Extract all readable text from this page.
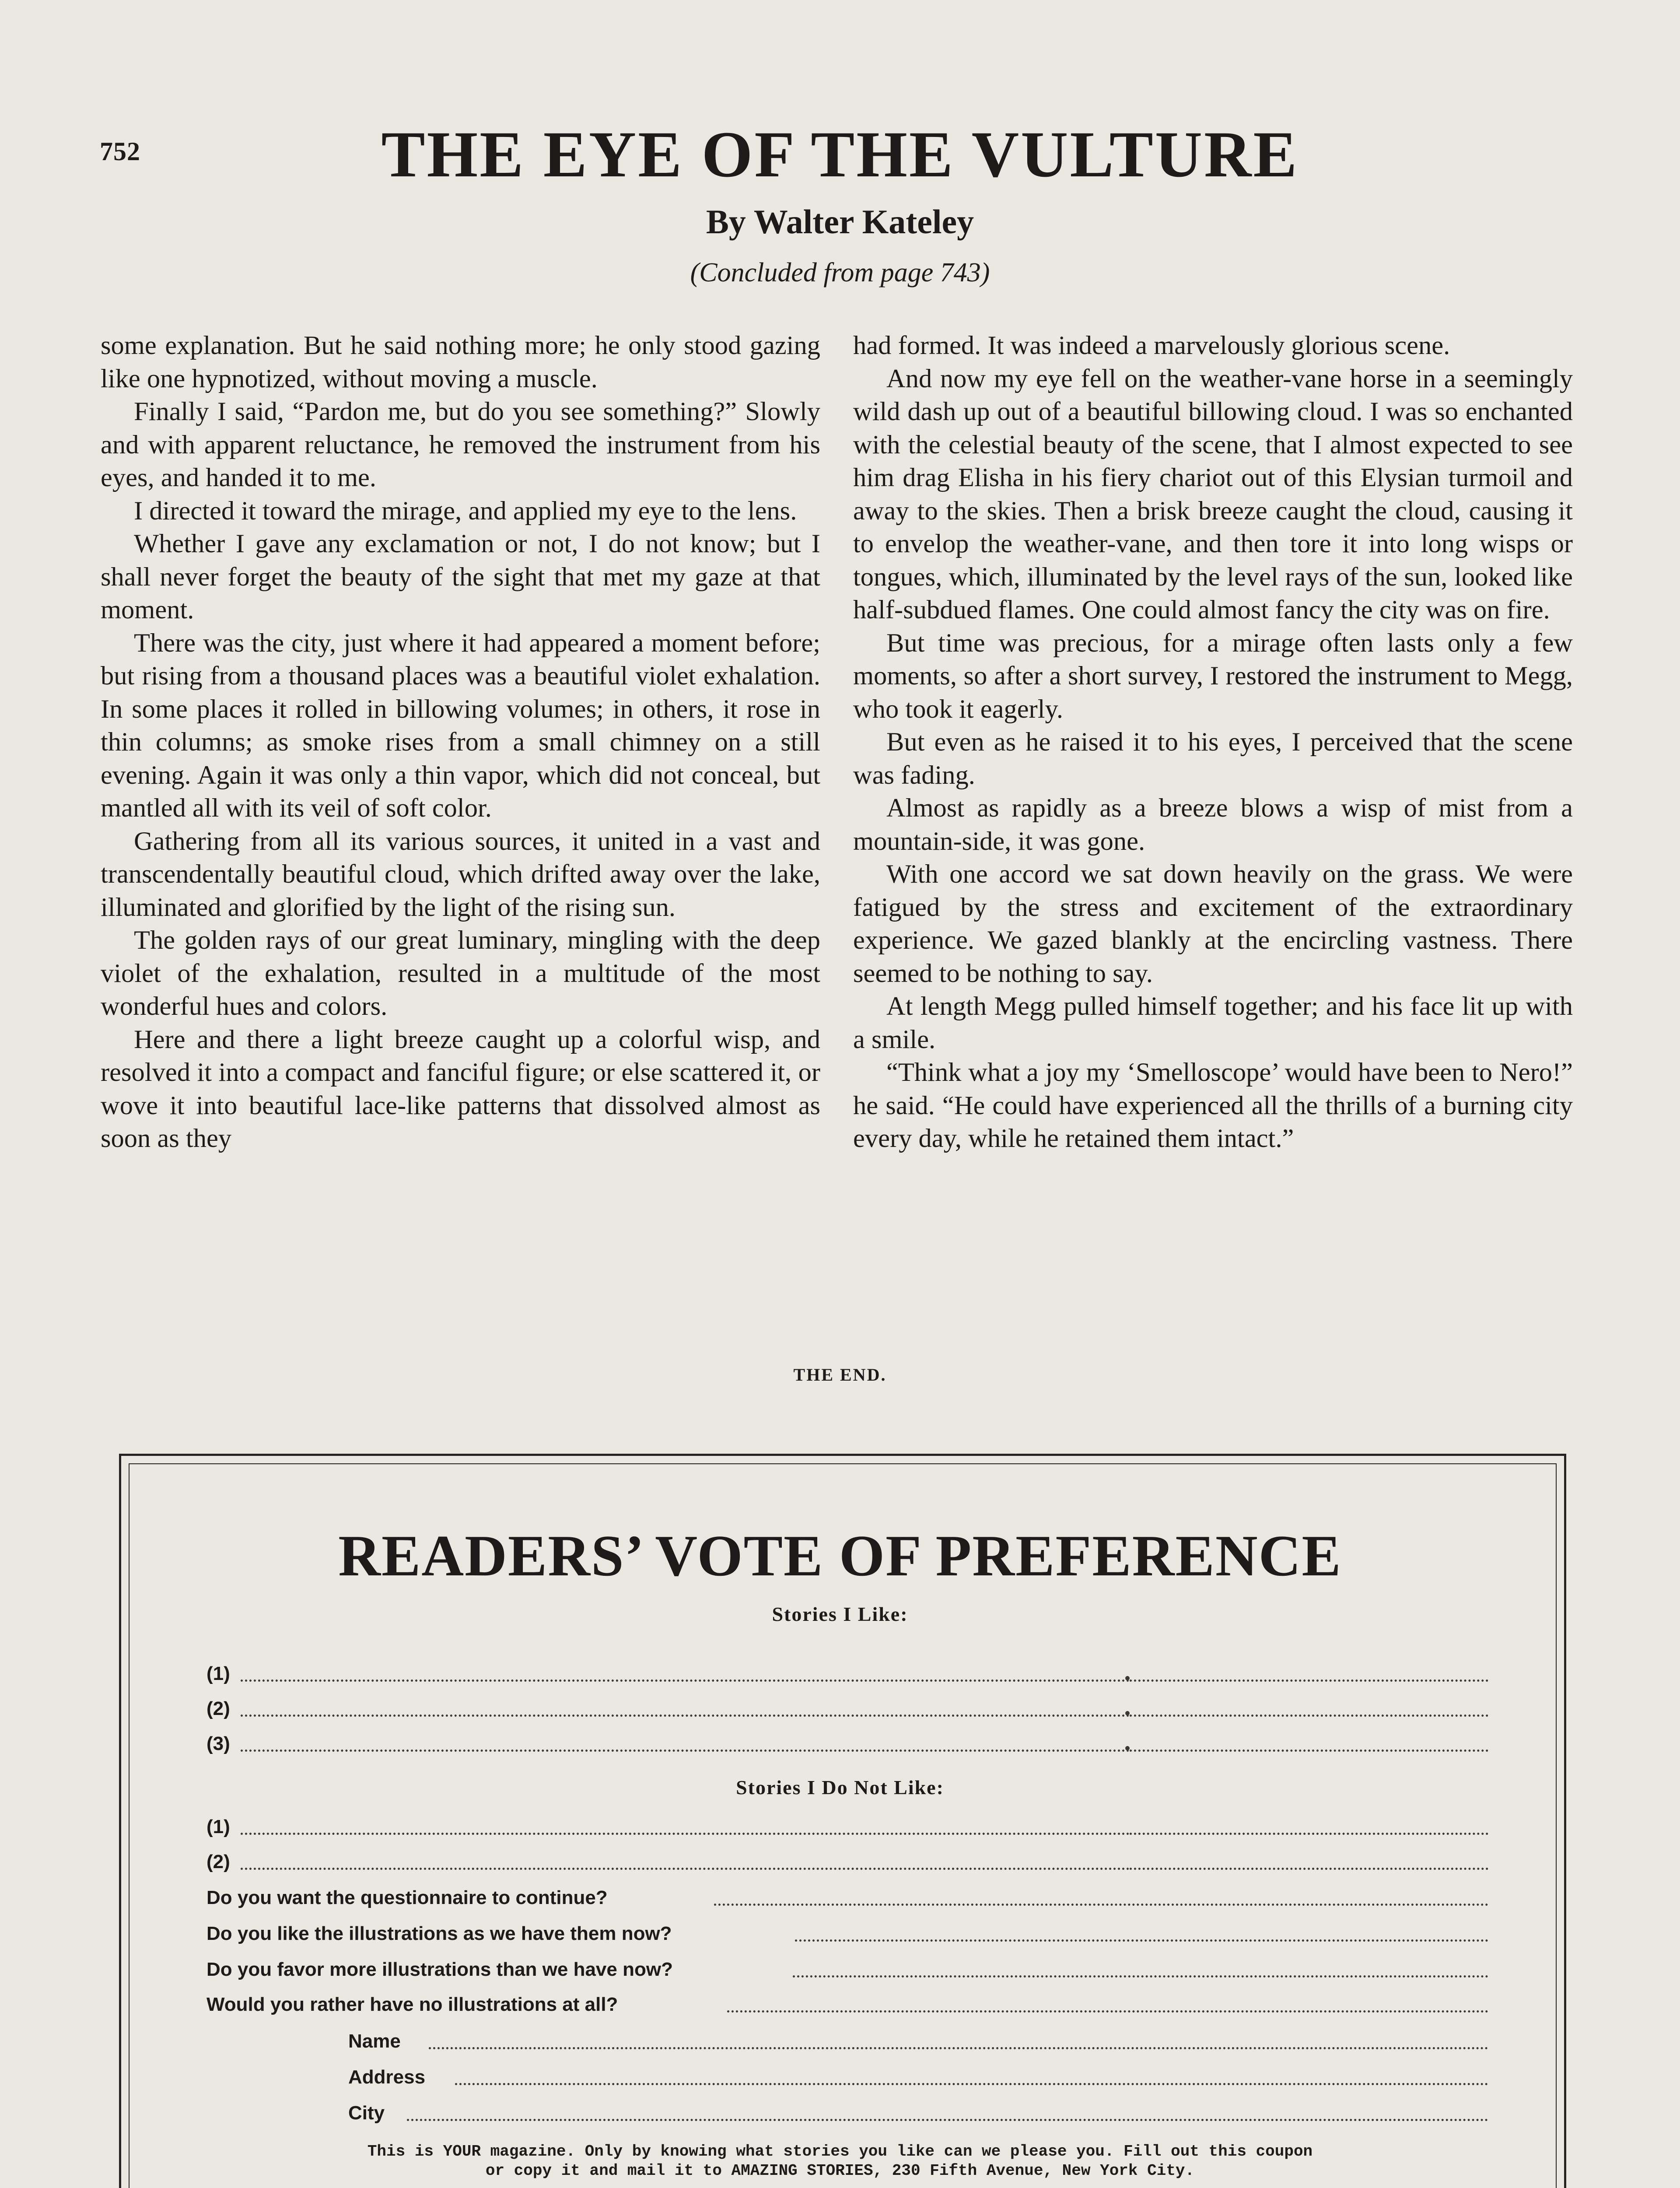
752	THE EYE OF THE VULTURE
By Walter Kateley
(Concluded from page 743)

some explanation. But he said nothing more; he only stood gazing like one hypnotized, without moving a muscle.

Finally I said, “Pardon me, but do you see something?” Slowly and with apparent reluctance, he removed the instrument from his eyes, and handed it to me.

I directed it toward the mirage, and applied my eye to the lens.

Whether I gave any exclamation or not, I do not know; but I shall never forget the beauty of the sight that met my gaze at that moment.

There was the city, just where it had appeared a moment before; but rising from a thousand places was a beautiful violet exhalation. In some places it rolled in billowing volumes; in others, it rose in thin columns; as smoke rises from a small chimney on a still evening. Again it was only a thin vapor, which did not conceal, but mantled all with its veil of soft color.

Gathering from all its various sources, it united in a vast and transcendentally beautiful cloud, which drifted away over the lake, illuminated and glorified by the light of the rising sun.

The golden rays of our great luminary, mingling with the deep violet of the exhalation, resulted in a multitude of the most wonderful hues and colors.

Here and there a light breeze caught up a colorful wisp, and resolved it into a compact and fanciful figure; or else scattered it, or wove it into beautiful lace-like patterns that dissolved almost as soon as they

had formed. It was indeed a marvelously glorious scene.

And now my eye fell on the weather-vane horse in a seemingly wild dash up out of a beautiful billowing cloud. I was so enchanted with the celestial beauty of the scene, that I almost expected to see him drag Elisha in his fiery chariot out of this Elysian turmoil and away to the skies. Then a brisk breeze caught the cloud, causing it to envelop the weather-vane, and then tore it into long wisps or tongues, which, illuminated by the level rays of the sun, looked like half-subdued flames. One could almost fancy the city was on fire.

But time was precious, for a mirage often lasts only a few moments, so after a short survey, I restored the instrument to Megg, who took it eagerly.

But even as he raised it to his eyes, I perceived that the scene was fading.

Almost as rapidly as a breeze blows a wisp of mist from a mountain-side, it was gone.

With one accord we sat down heavily on the grass. We were fatigued by the stress and excitement of the extraordinary experience. We gazed blankly at the encircling vastness. There seemed to be nothing to say.

At length Megg pulled himself together; and his face lit up with a smile.

“Think what a joy my ‘Smelloscope’ would have been to Nero!” he said. “He could have experienced all the thrills of a burning city every day, while he retained them intact.”

THE END.
READERS’ VOTE OF PREFERENCE
Stories I Like:
(1)
(2)
(3)
Stories I Do Not Like:
(1)
(2)
Do you want the questionnaire to continue?
Do you like the illustrations as we have them now?
Do you favor more illustrations than we have now?
Would you rather have no illustrations at all?
Name
Address
City
This is YOUR magazine. Only by knowing what stories you like can we please you. Fill out this coupon
or copy it and mail it to AMAZING STORIES, 230 Fifth Avenue, New York City.
